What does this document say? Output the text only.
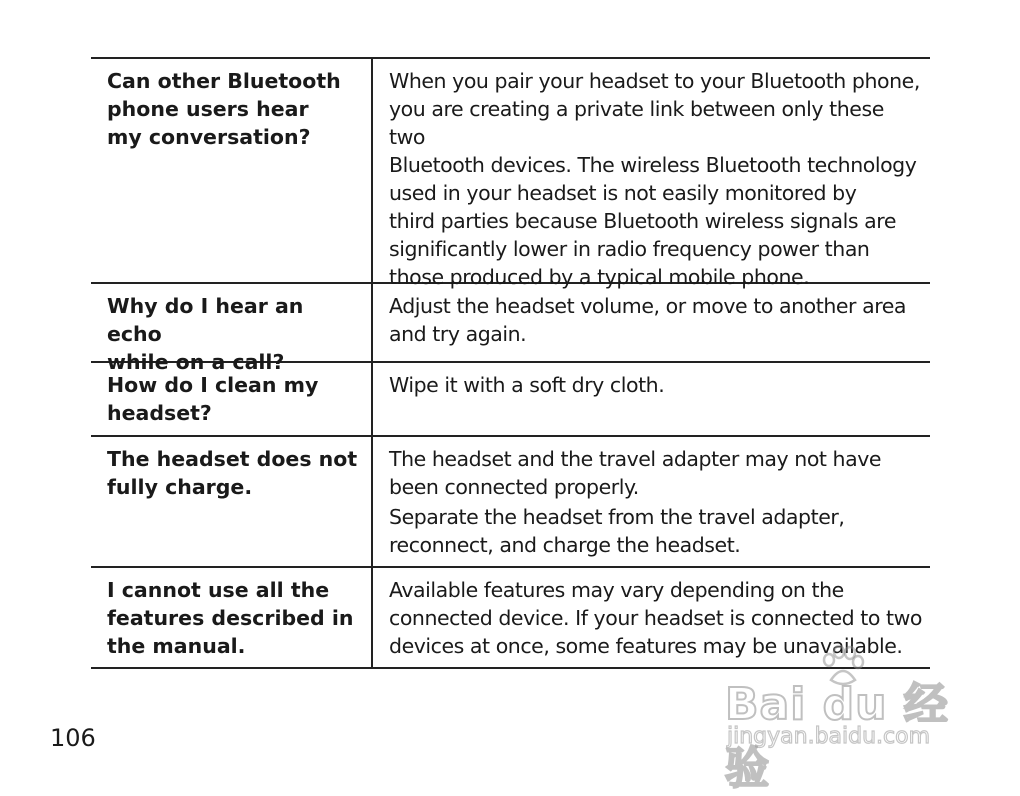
Can other Bluetooth
phone users hear
my conversation?

When you pair your headset to your Bluetooth phone,
you are creating a private link between only these two
Bluetooth devices. The wireless Bluetooth technology
used in your headset is not easily monitored by
third parties because Bluetooth wireless signals are
significantly lower in radio frequency power than
those produced by a typical mobile phone.

Why do I hear an echo
while on a call?

Adjust the headset volume, or move to another area
and try again.

How do I clean my
headset?

Wipe it with a soft dry cloth.

The headset does not
fully charge.

The headset and the travel adapter may not have
been connected properly.

Separate the headset from the travel adapter,
reconnect, and charge the headset.

I cannot use all the
features described in
the manual.

Available features may vary depending on the
connected device. If your headset is connected to two
devices at once, some features may be unavailable.

106
Bai du 经验
jingyan.baidu.com
